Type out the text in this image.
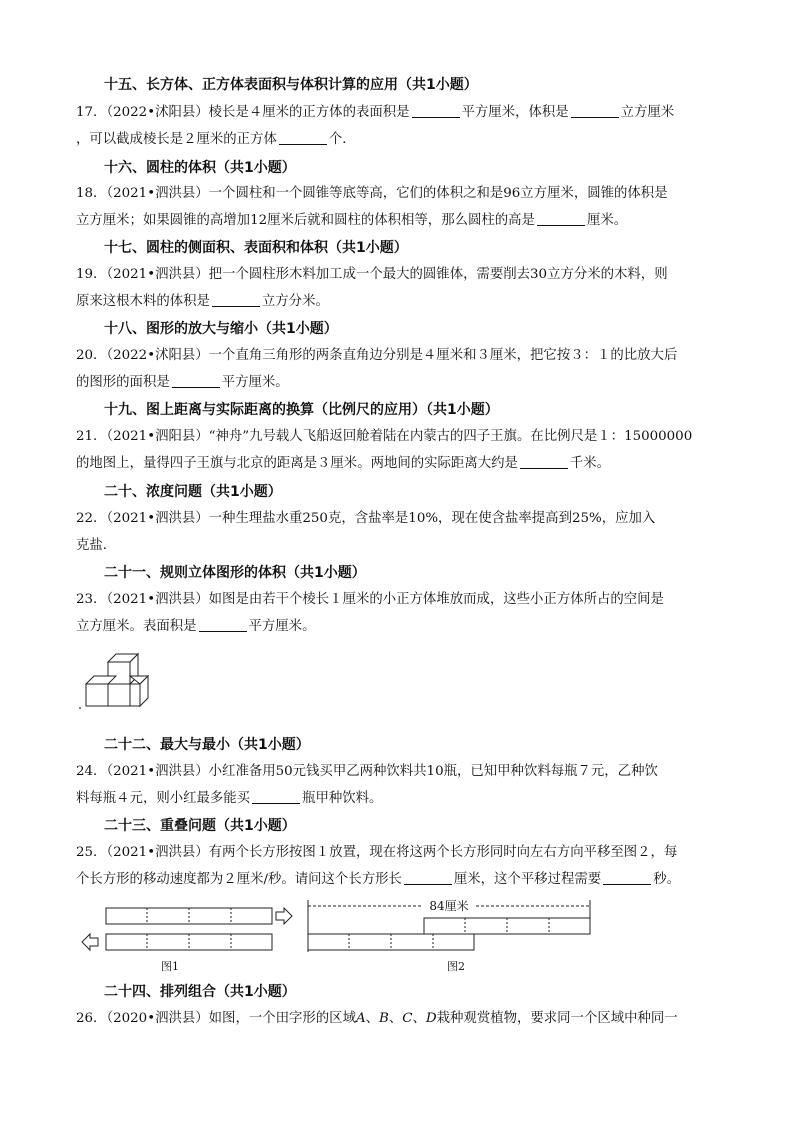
十五、长方体、正方体表面积与体积计算的应用（共1小题）
17．（2022•沭阳县）棱长是４厘米的正方体的表面积是	平方厘米，体积是	立方厘米
，可以截成棱长是２厘米的正方体	个．
十六、圆柱的体积（共1小题）
18．（2021•泗洪县）一个圆柱和一个圆锥等底等高，它们的体积之和是96立方厘米，圆锥的体积是
立方厘米；如果圆锥的高增加12厘米后就和圆柱的体积相等，那么圆柱的高是	厘米。
十七、圆柱的侧面积、表面积和体积（共1小题）
19．（2021•泗洪县）把一个圆柱形木料加工成一个最大的圆锥体，需要削去30立方分米的木料，则
原来这根木料的体积是	立方分米。
十八、图形的放大与缩小（共1小题）
20．（2022•沭阳县）一个直角三角形的两条直角边分别是４厘米和３厘米，把它按３：１的比放大后
的图形的面积是	平方厘米。
十九、图上距离与实际距离的换算（比例尺的应用）（共1小题）
21．（2021•泗阳县）“神舟”九号载人飞船返回舱着陆在内蒙古的四子王旗。在比例尺是１：15000000
的地图上，量得四子王旗与北京的距离是３厘米。两地间的实际距离大约是	千米。
二十、浓度问题（共1小题）
22．（2021•泗洪县）一种生理盐水重250克，含盐率是10%，现在使含盐率提高到25%，应加入
克盐．
二十一、规则立体图形的体积（共1小题）
23．（2021•泗洪县）如图是由若干个棱长１厘米的小正方体堆放而成，这些小正方体所占的空间是
立方厘米。表面积是	平方厘米。
二十二、最大与最小（共1小题）
24．（2021•泗洪县）小红准备用50元钱买甲乙两种饮料共10瓶，已知甲种饮料每瓶７元，乙种饮
料每瓶４元，则小红最多能买	瓶甲种饮料。
二十三、重叠问题（共1小题）
25．（2021•泗洪县）有两个长方形按图１放置，现在将这两个长方形同时向左右方向平移至图２，每
个长方形的移动速度都为２厘米/秒。请问这个长方形长	厘米，这个平移过程需要	秒。
84厘米
图1	图2
二十四、排列组合（共1小题）
26．（2020•泗洪县）如图，一个田字形的区域A、B、C、D栽种观赏植物，要求同一个区域中种同一
